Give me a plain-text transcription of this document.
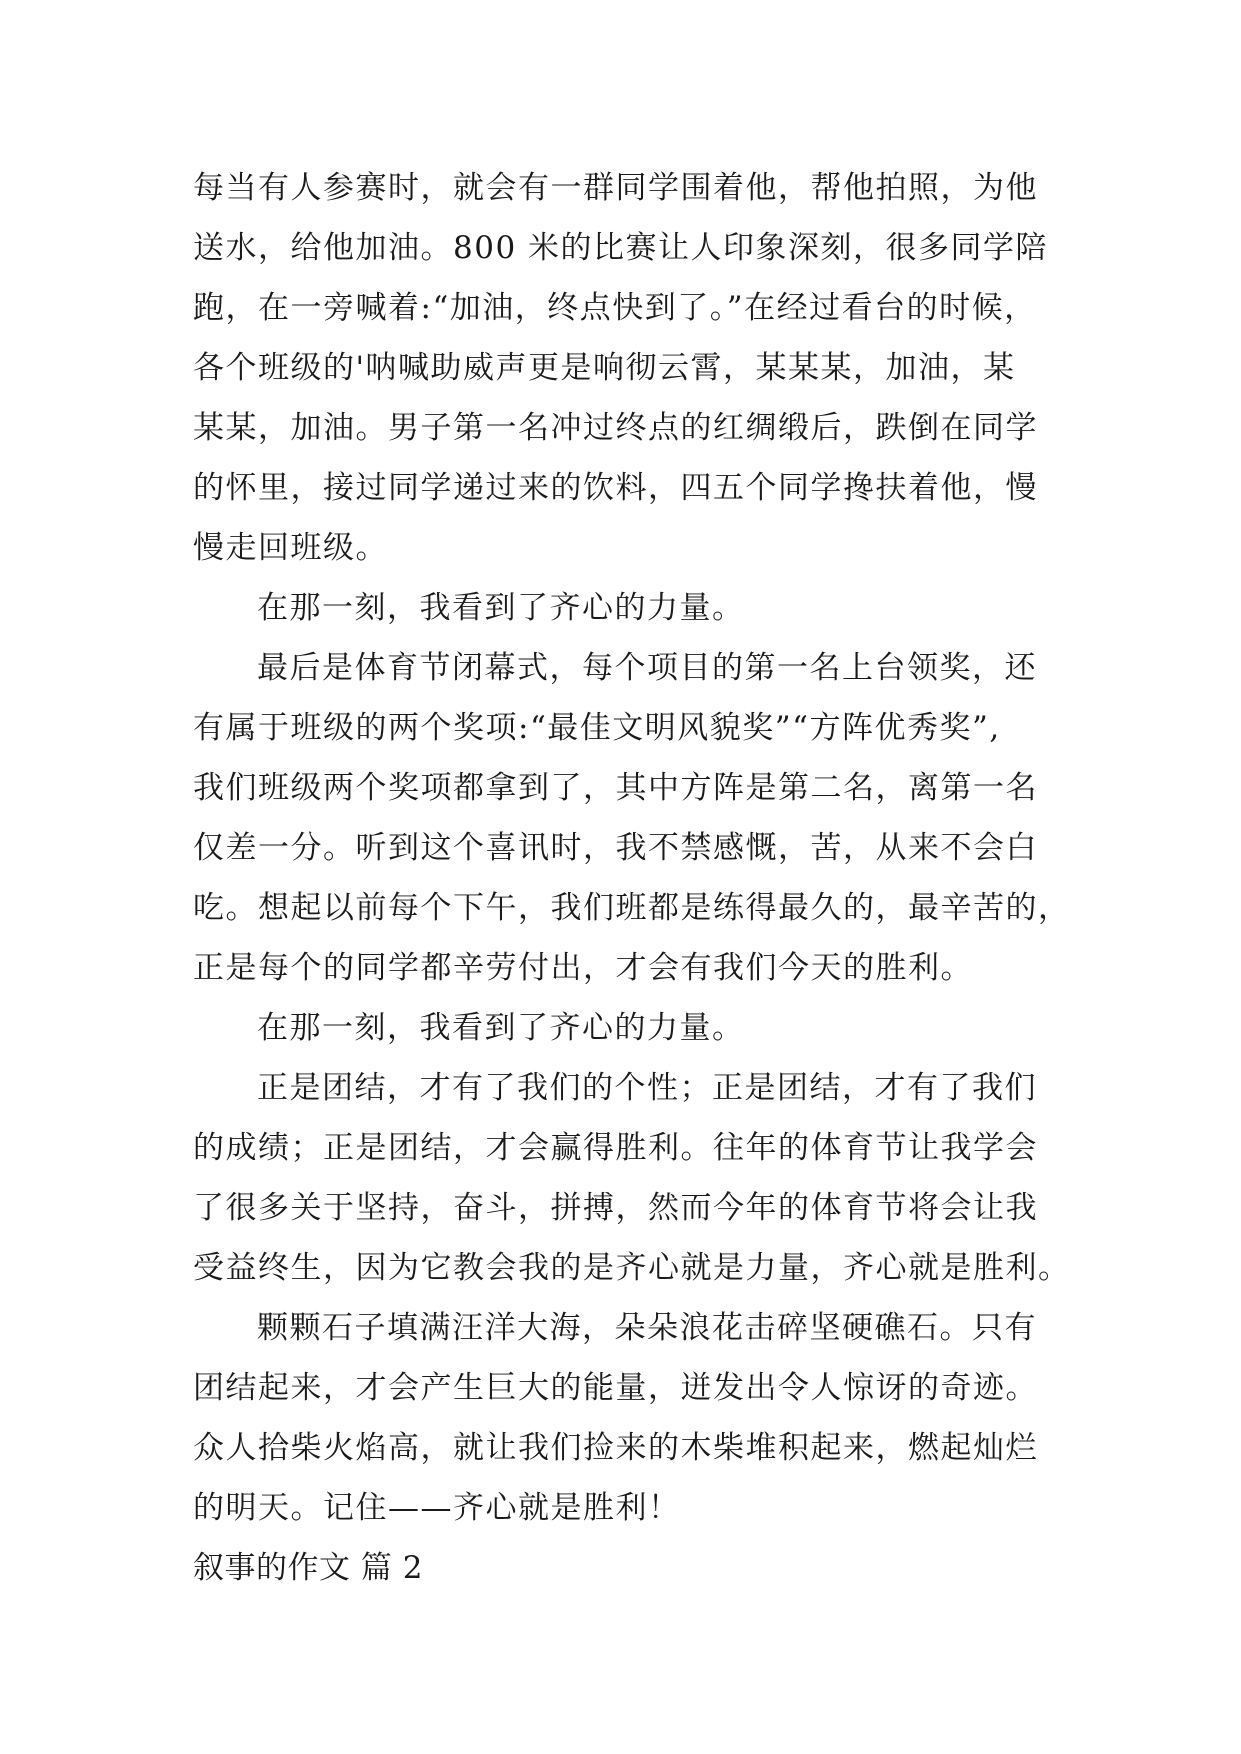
每当有人参赛时，就会有一群同学围着他，帮他拍照，为他
送水，给他加油。800 米的比赛让人印象深刻，很多同学陪
跑，在一旁喊着:“加油，终点快到了。”在经过看台的时候，
各个班级的'呐喊助威声更是响彻云霄，某某某，加油，某
某某，加油。男子第一名冲过终点的红绸缎后，跌倒在同学
的怀里，接过同学递过来的饮料，四五个同学搀扶着他，慢
慢走回班级。
在那一刻，我看到了齐心的力量。
最后是体育节闭幕式，每个项目的第一名上台领奖，还
有属于班级的两个奖项:“最佳文明风貌奖”“方阵优秀奖”,
我们班级两个奖项都拿到了，其中方阵是第二名，离第一名
仅差一分。听到这个喜讯时，我不禁感慨，苦，从来不会白
吃。想起以前每个下午，我们班都是练得最久的，最辛苦的，
正是每个的同学都辛劳付出，才会有我们今天的胜利。
在那一刻，我看到了齐心的力量。
正是团结，才有了我们的个性；正是团结，才有了我们
的成绩；正是团结，才会赢得胜利。往年的体育节让我学会
了很多关于坚持，奋斗，拼搏，然而今年的体育节将会让我
受益终生，因为它教会我的是齐心就是力量，齐心就是胜利。
颗颗石子填满汪洋大海，朵朵浪花击碎坚硬礁石。只有
团结起来，才会产生巨大的能量，迸发出令人惊讶的奇迹。
众人拾柴火焰高，就让我们捡来的木柴堆积起来，燃起灿烂
的明天。记住——齐心就是胜利！
叙事的作文 篇 2
